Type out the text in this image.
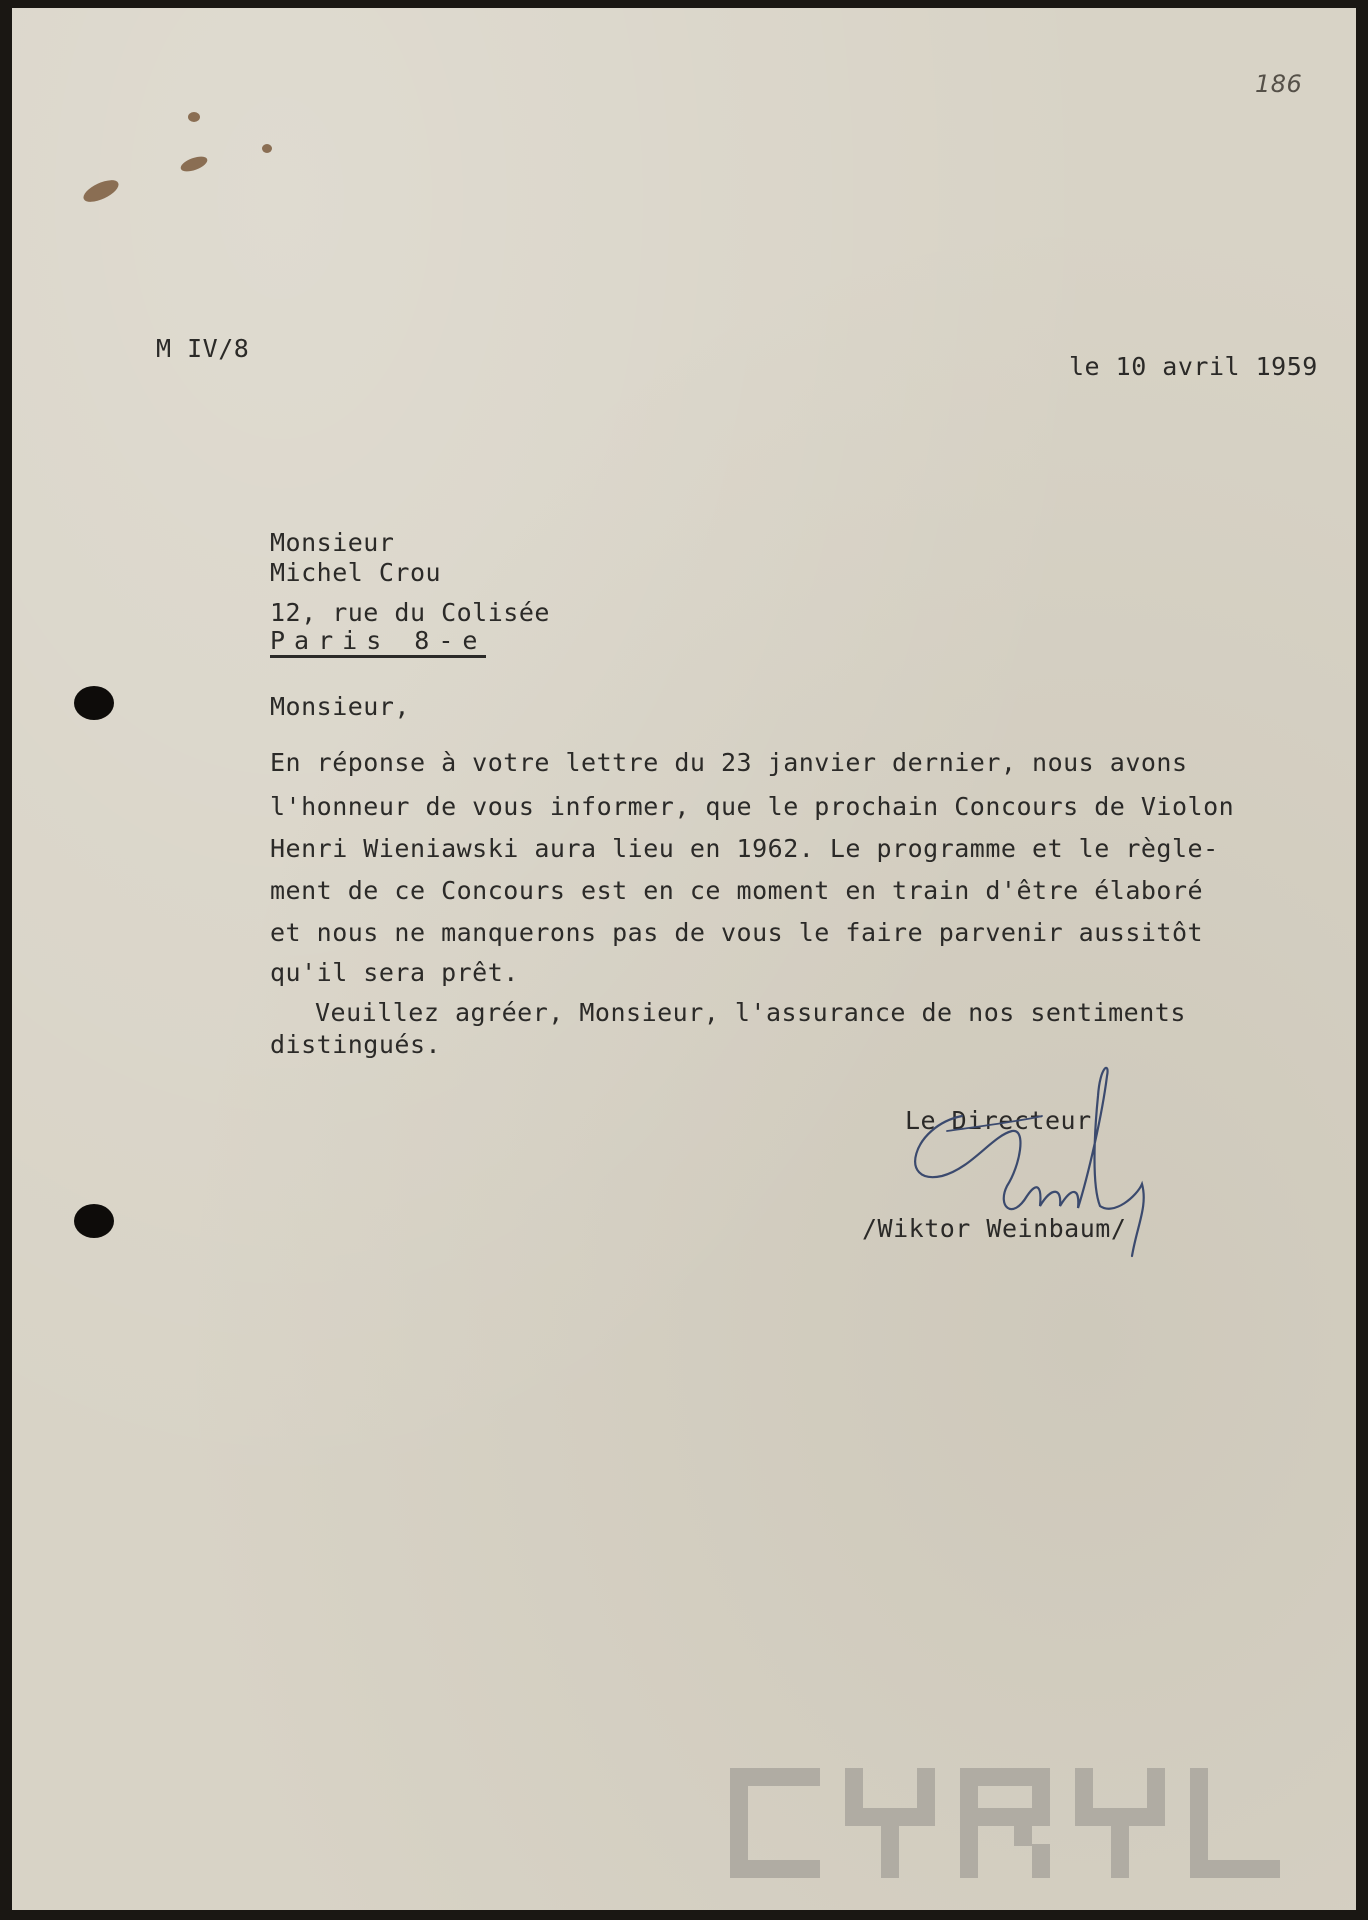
186
M IV/8
le 10 avril 1959
Monsieur
Michel Crou
12, rue du Colisée
Paris 8-e
Monsieur,
En réponse à votre lettre du 23 janvier dernier, nous avons
l'honneur de vous informer, que le prochain Concours de Violon
Henri Wieniawski aura lieu en 1962. Le programme et le règle-
ment de ce Concours est en ce moment en train d'être élaboré
et nous ne manquerons pas de vous le faire parvenir aussitôt
qu'il sera prêt.
Veuillez agréer, Monsieur, l'assurance de nos sentiments
distingués.
Le Directeur
/Wiktor Weinbaum/
